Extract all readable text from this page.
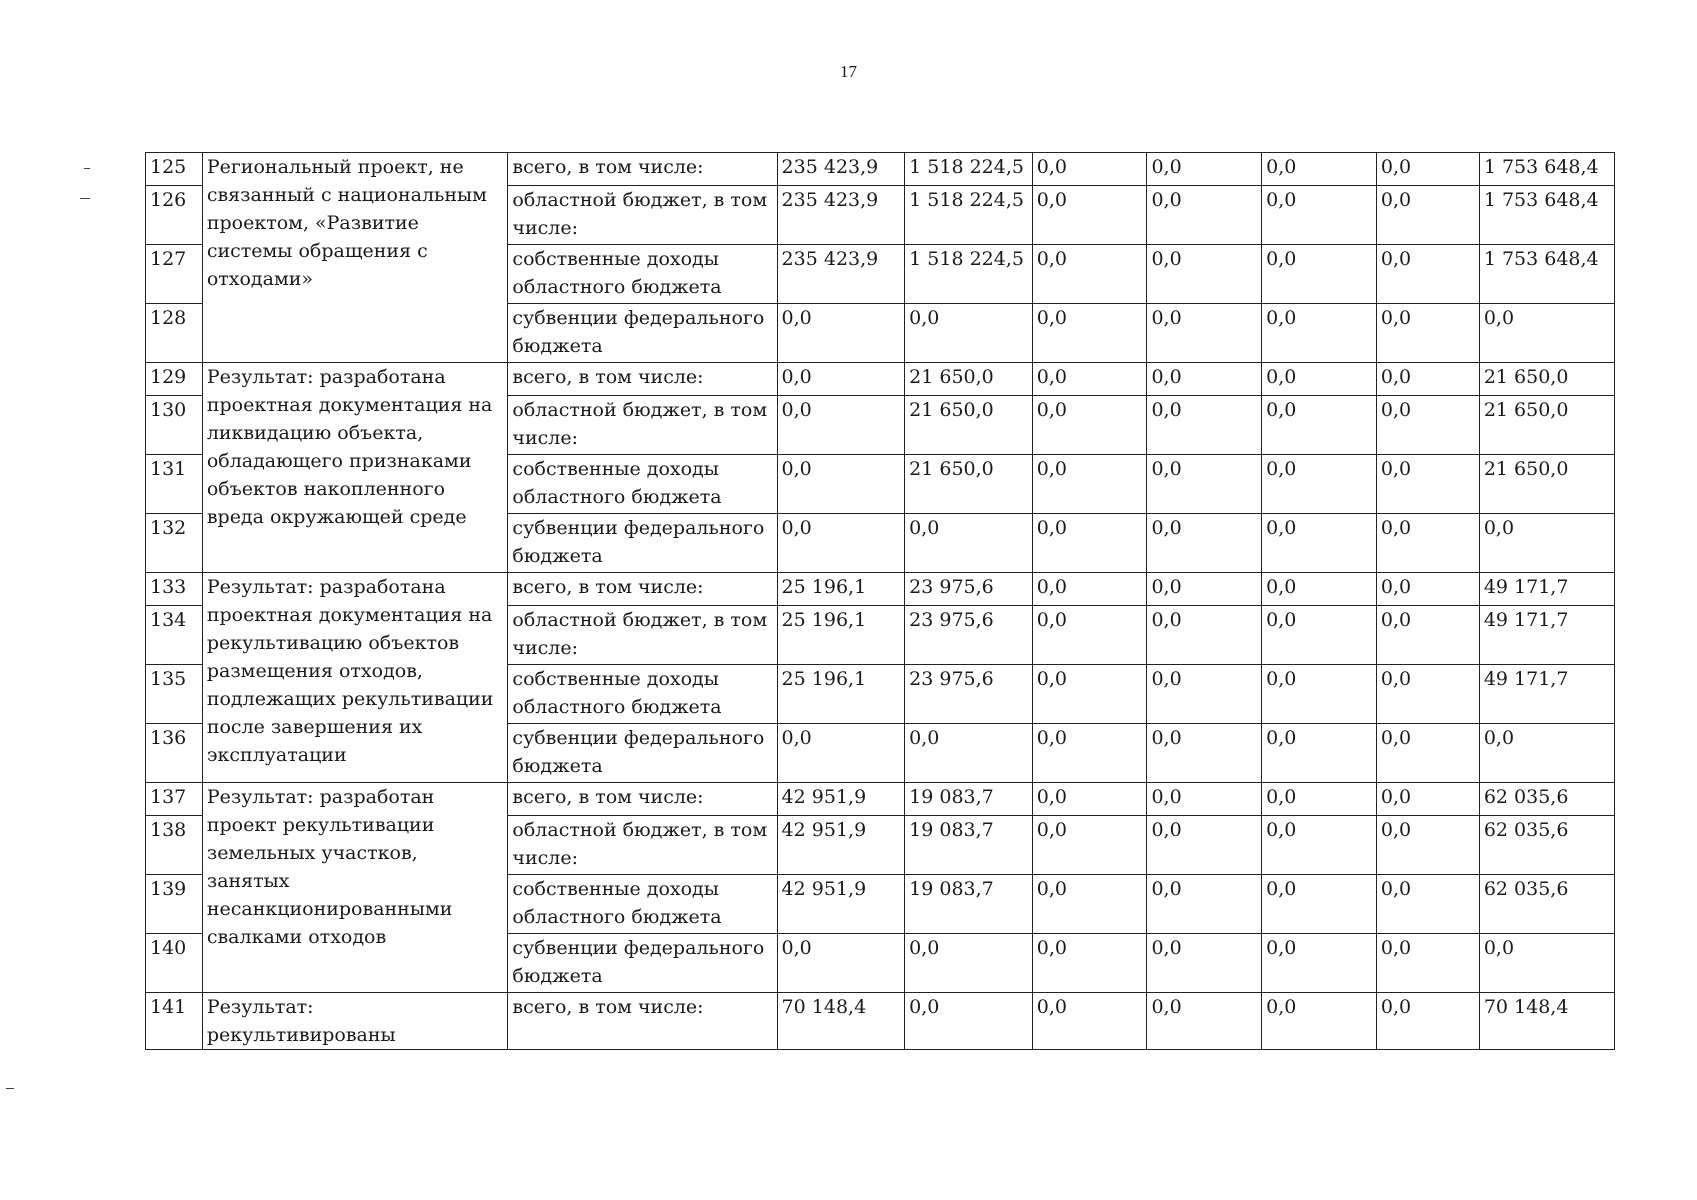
17
125	Региональный проект, не связанный с национальным проектом, «Развитие системы обращения с отходами»	всего, в том числе:	235 423,9	1 518 224,5	0,0	0,0	0,0	0,0	1 753 648,4
126		областной бюджет, в том числе:	235 423,9	1 518 224,5	0,0	0,0	0,0	0,0	1 753 648,4
127		собственные доходы областного бюджета	235 423,9	1 518 224,5	0,0	0,0	0,0	0,0	1 753 648,4
128		субвенции федерального бюджета	0,0	0,0	0,0	0,0	0,0	0,0	0,0
129	Результат: разработана проектная документация на ликвидацию объекта, обладающего признаками объектов накопленного вреда окружающей среде	всего, в том числе:	0,0	21 650,0	0,0	0,0	0,0	0,0	21 650,0
130		областной бюджет, в том числе:	0,0	21 650,0	0,0	0,0	0,0	0,0	21 650,0
131		собственные доходы областного бюджета	0,0	21 650,0	0,0	0,0	0,0	0,0	21 650,0
132		субвенции федерального бюджета	0,0	0,0	0,0	0,0	0,0	0,0	0,0
133	Результат: разработана проектная документация на рекультивацию объектов размещения отходов, подлежащих рекультивации после завершения их эксплуатации	всего, в том числе:	25 196,1	23 975,6	0,0	0,0	0,0	0,0	49 171,7
134		областной бюджет, в том числе:	25 196,1	23 975,6	0,0	0,0	0,0	0,0	49 171,7
135		собственные доходы областного бюджета	25 196,1	23 975,6	0,0	0,0	0,0	0,0	49 171,7
136		субвенции федерального бюджета	0,0	0,0	0,0	0,0	0,0	0,0	0,0
137	Результат: разработан проект рекультивации земельных участков, занятых несанкционированными свалками отходов	всего, в том числе:	42 951,9	19 083,7	0,0	0,0	0,0	0,0	62 035,6
138		областной бюджет, в том числе:	42 951,9	19 083,7	0,0	0,0	0,0	0,0	62 035,6
139		собственные доходы областного бюджета	42 951,9	19 083,7	0,0	0,0	0,0	0,0	62 035,6
140		субвенции федерального бюджета	0,0	0,0	0,0	0,0	0,0	0,0	0,0
141	Результат: рекультивированы	всего, в том числе:	70 148,4	0,0	0,0	0,0	0,0	0,0	70 148,4
